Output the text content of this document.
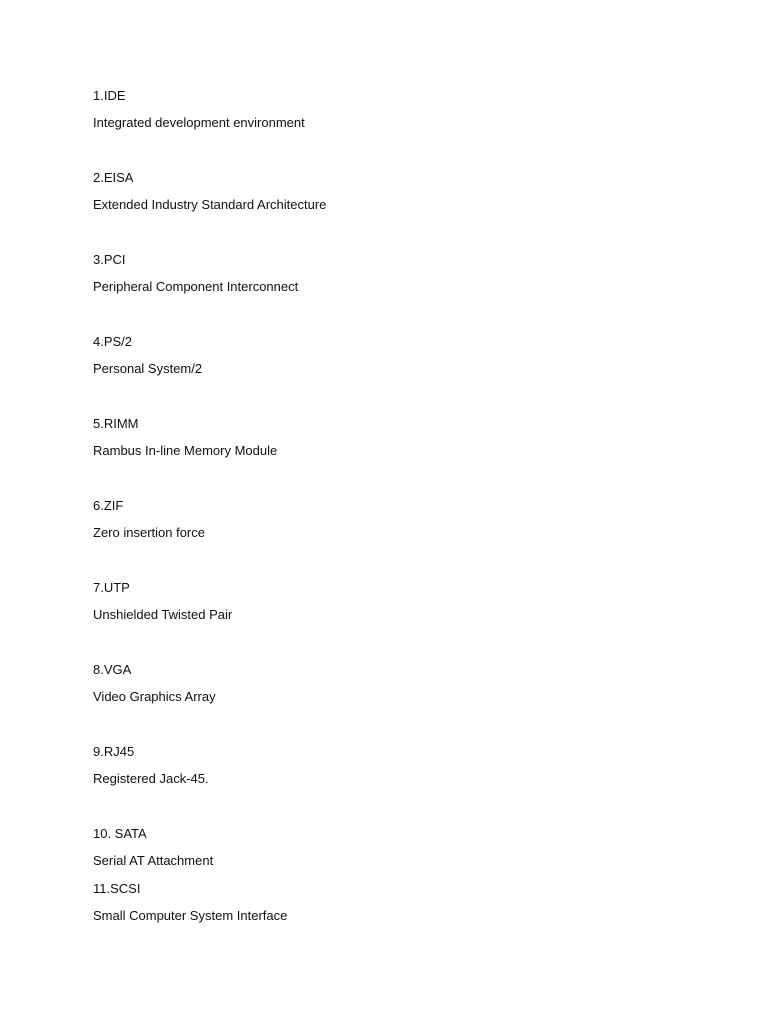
1.IDE
Integrated development environment
2.EISA
Extended Industry Standard Architecture
3.PCI
Peripheral Component Interconnect
4.PS/2
Personal System/2
5.RIMM
Rambus In-line Memory Module
6.ZIF
Zero insertion force
7.UTP
Unshielded Twisted Pair
8.VGA
Video Graphics Array
9.RJ45
Registered Jack-45.
10. SATA
Serial AT Attachment
11.SCSI
Small Computer System Interface
